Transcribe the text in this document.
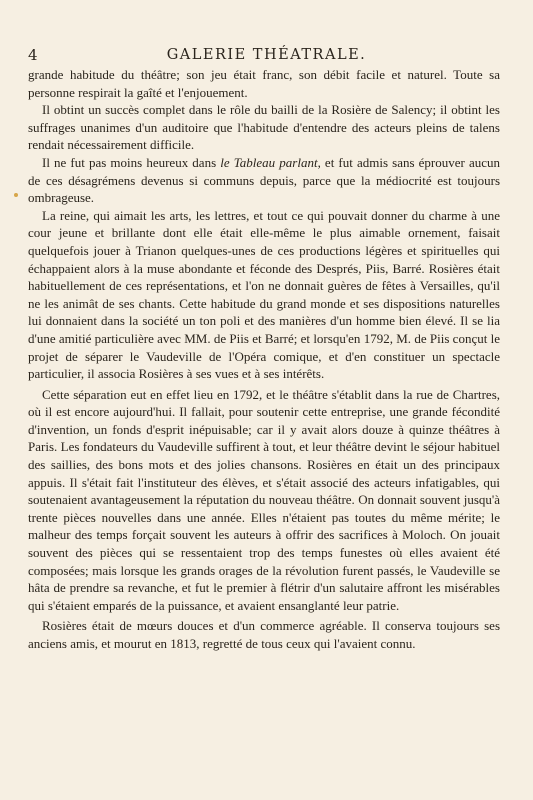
4	GALERIE THÉATRALE.

grande habitude du théâtre; son jeu était franc, son débit facile et naturel. Toute sa personne respirait la gaîté et l'enjouement.

Il obtint un succès complet dans le rôle du bailli de la Rosière de Salency; il obtint les suffrages unanimes d'un auditoire que l'habitude d'entendre des acteurs pleins de talens rendait nécessairement difficile.

Il ne fut pas moins heureux dans le Tableau parlant, et fut admis sans éprouver aucun de ces désagrémens devenus si communs depuis, parce que la médiocrité est toujours ombrageuse.

La reine, qui aimait les arts, les lettres, et tout ce qui pouvait donner du charme à une cour jeune et brillante dont elle était elle-même le plus aimable ornement, faisait quelquefois jouer à Trianon quelques-unes de ces productions légères et spirituelles qui échappaient alors à la muse abondante et féconde des Després, Piis, Barré. Rosières était habituellement de ces représentations, et l'on ne donnait guères de fêtes à Versailles, qu'il ne les animât de ses chants. Cette habitude du grand monde et ses dispositions naturelles lui donnaient dans la société un ton poli et des manières d'un homme bien élevé. Il se lia d'une amitié particulière avec MM. de Piis et Barré; et lorsqu'en 1792, M. de Piis conçut le projet de séparer le Vaudeville de l'Opéra comique, et d'en constituer un spectacle particulier, il associa Rosières à ses vues et à ses intérêts.

Cette séparation eut en effet lieu en 1792, et le théâtre s'établit dans la rue de Chartres, où il est encore aujourd'hui. Il fallait, pour soutenir cette entreprise, une grande fécondité d'invention, un fonds d'esprit inépuisable; car il y avait alors douze à quinze théâtres à Paris. Les fondateurs du Vaudeville suffirent à tout, et leur théâtre devint le séjour habituel des saillies, des bons mots et des jolies chansons. Rosières en était un des principaux appuis. Il s'était fait l'instituteur des élèves, et s'était associé des acteurs infatigables, qui soutenaient avantageusement la réputation du nouveau théâtre. On donnait souvent jusqu'à trente pièces nouvelles dans une année. Elles n'étaient pas toutes du même mérite; le malheur des temps forçait souvent les auteurs à offrir des sacrifices à Moloch. On jouait souvent des pièces qui se ressentaient trop des temps funestes où elles avaient été composées; mais lorsque les grands orages de la révolution furent passés, le Vaudeville se hâta de prendre sa revanche, et fut le premier à flétrir d'un salutaire affront les misérables qui s'étaient emparés de la puissance, et avaient ensanglanté leur patrie.

Rosières était de mœurs douces et d'un commerce agréable. Il conserva toujours ses anciens amis, et mourut en 1813, regretté de tous ceux qui l'avaient connu.
